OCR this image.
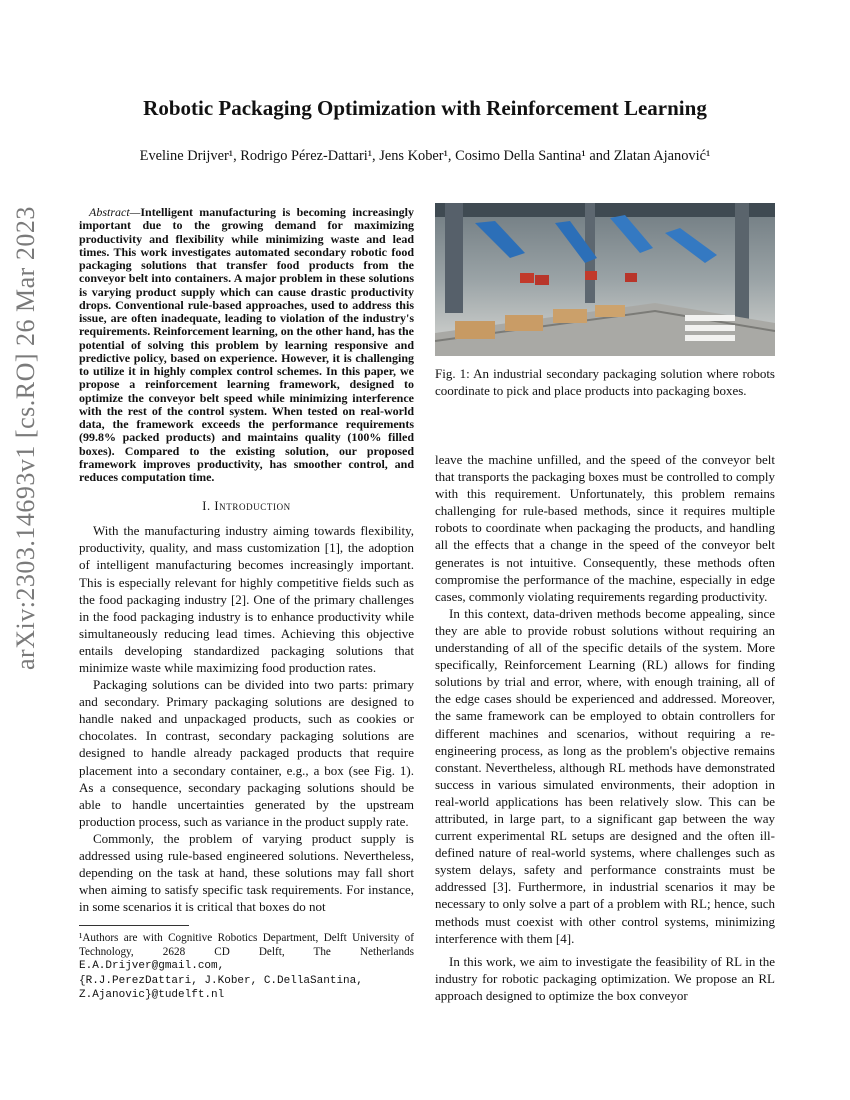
arXiv:2303.14693v1 [cs.RO] 26 Mar 2023
Robotic Packaging Optimization with Reinforcement Learning
Eveline Drijver¹, Rodrigo Pérez-Dattari¹, Jens Kober¹, Cosimo Della Santina¹ and Zlatan Ajanović¹

Abstract—Intelligent manufacturing is becoming increasingly important due to the growing demand for maximizing productivity and flexibility while minimizing waste and lead times. This work investigates automated secondary robotic food packaging solutions that transfer food products from the conveyor belt into containers. A major problem in these solutions is varying product supply which can cause drastic productivity drops. Conventional rule-based approaches, used to address this issue, are often inadequate, leading to violation of the industry's requirements. Reinforcement learning, on the other hand, has the potential of solving this problem by learning responsive and predictive policy, based on experience. However, it is challenging to utilize it in highly complex control schemes. In this paper, we propose a reinforcement learning framework, designed to optimize the conveyor belt speed while minimizing interference with the rest of the control system. When tested on real-world data, the framework exceeds the performance requirements (99.8% packed products) and maintains quality (100% filled boxes). Compared to the existing solution, our proposed framework improves productivity, has smoother control, and reduces computation time.

I. Introduction

With the manufacturing industry aiming towards flexibility, productivity, quality, and mass customization [1], the adoption of intelligent manufacturing becomes increasingly important. This is especially relevant for highly competitive fields such as the food packaging industry [2]. One of the primary challenges in the food packaging industry is to enhance productivity while simultaneously reducing lead times. Achieving this objective entails developing standardized packaging solutions that minimize waste while maximizing food production rates.

Packaging solutions can be divided into two parts: primary and secondary. Primary packaging solutions are designed to handle naked and unpackaged products, such as cookies or chocolates. In contrast, secondary packaging solutions are designed to handle already packaged products that require placement into a secondary container, e.g., a box (see Fig. 1). As a consequence, secondary packaging solutions should be able to handle uncertainties generated by the upstream production process, such as variance in the product supply rate.

Commonly, the problem of varying product supply is addressed using rule-based engineered solutions. Nevertheless, depending on the task at hand, these solutions may fall short when aiming to satisfy specific task requirements. For instance, in some scenarios it is critical that boxes do not

¹Authors are with Cognitive Robotics Department, Delft University of Technology, 2628 CD Delft, The Netherlands E.A.Drijver@gmail.com,
{R.J.PerezDattari, J.Kober, C.DellaSantina,
Z.Ajanovic}@tudelft.nl
Fig. 1: An industrial secondary packaging solution where robots coordinate to pick and place products into packaging boxes.

leave the machine unfilled, and the speed of the conveyor belt that transports the packaging boxes must be controlled to comply with this requirement. Unfortunately, this problem remains challenging for rule-based methods, since it requires multiple robots to coordinate when packaging the products, and handling all the effects that a change in the speed of the conveyor belt generates is not intuitive. Consequently, these methods often compromise the performance of the machine, especially in edge cases, commonly violating requirements regarding productivity.

In this context, data-driven methods become appealing, since they are able to provide robust solutions without requiring an understanding of all of the specific details of the system. More specifically, Reinforcement Learning (RL) allows for finding solutions by trial and error, where, with enough training, all of the edge cases should be experienced and addressed. Moreover, the same framework can be employed to obtain controllers for different machines and scenarios, without requiring a re-engineering process, as long as the problem's objective remains constant. Nevertheless, although RL methods have demonstrated success in various simulated environments, their adoption in real-world applications has been relatively slow. This can be attributed, in large part, to a significant gap between the way current experimental RL setups are designed and the often ill-defined nature of real-world systems, where challenges such as system delays, safety and performance constraints must be addressed [3]. Furthermore, in industrial scenarios it may be necessary to only solve a part of a problem with RL; hence, such methods must coexist with other control systems, minimizing interference with them [4].

In this work, we aim to investigate the feasibility of RL in the industry for robotic packaging optimization. We propose an RL approach designed to optimize the box conveyor
